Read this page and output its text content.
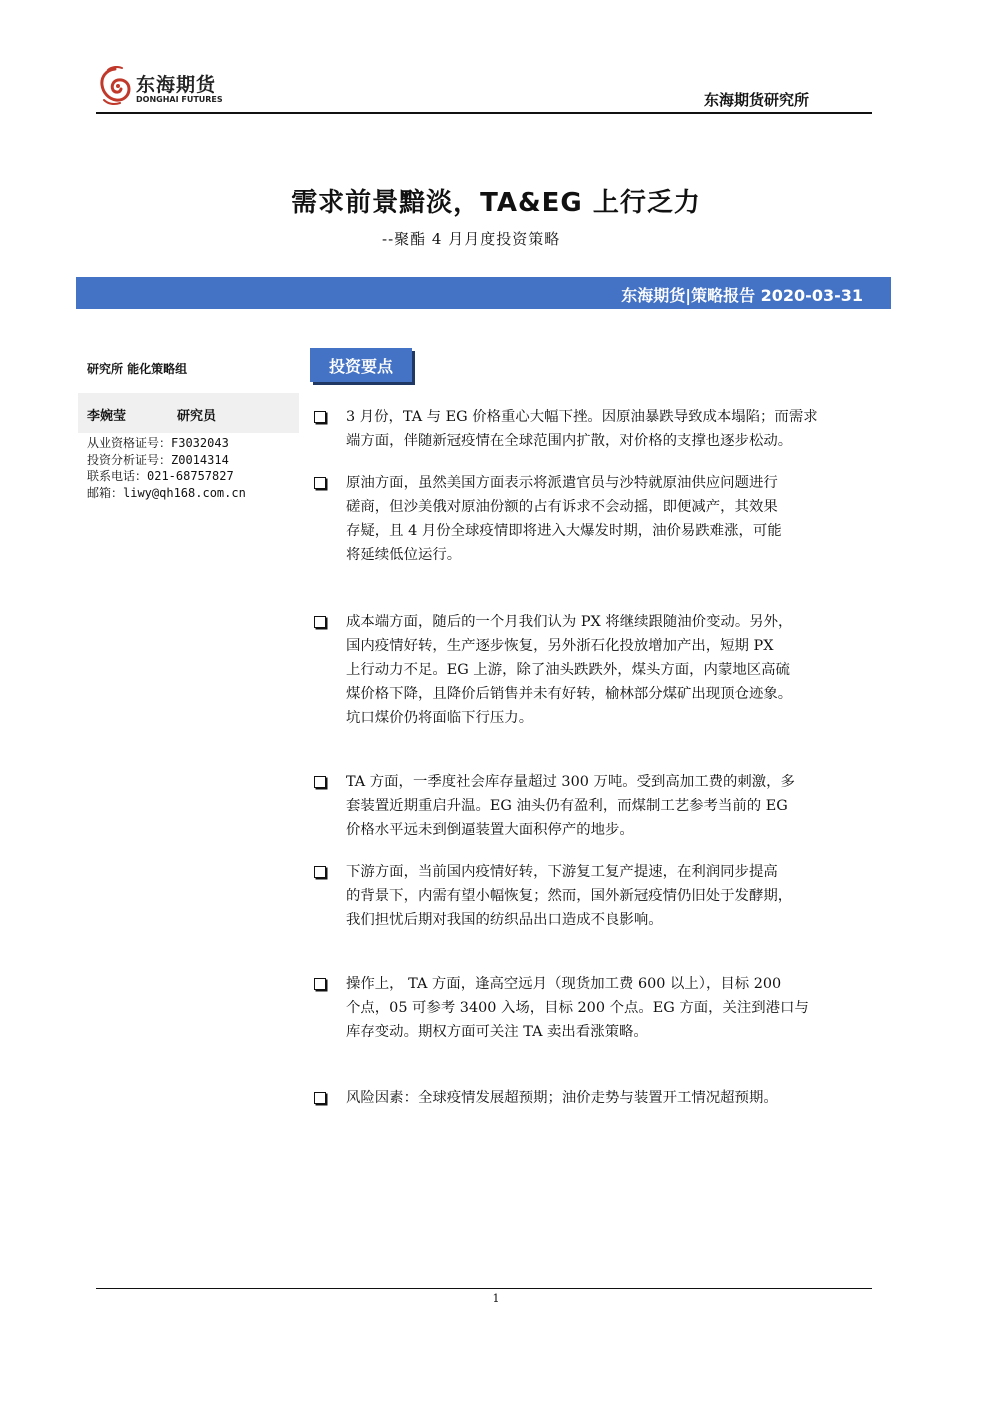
东海期货
DONGHAI FUTURES	东海期货研究所
需求前景黯淡，TA&EG 上行乏力
--聚酯 4 月月度投资策略
东海期货|策略报告 2020-03-31
研究所 能化策略组
李婉莹	研究员
从业资格证号：F3032043
投资分析证号：Z0014314
联系电话：021-68757827
邮箱：liwy@qh168.com.cn
投资要点
3 月份，TA 与 EG 价格重心大幅下挫。因原油暴跌导致成本塌陷；而需求
端方面，伴随新冠疫情在全球范围内扩散，对价格的支撑也逐步松动。
原油方面，虽然美国方面表示将派遣官员与沙特就原油供应问题进行
磋商，但沙美俄对原油份额的占有诉求不会动摇，即便减产，其效果
存疑，且 4 月份全球疫情即将进入大爆发时期，油价易跌难涨，可能
将延续低位运行。
成本端方面，随后的一个月我们认为 PX 将继续跟随油价变动。另外，
国内疫情好转，生产逐步恢复，另外浙石化投放增加产出，短期 PX
上行动力不足。EG 上游，除了油头跌跌外，煤头方面，内蒙地区高硫
煤价格下降，且降价后销售并未有好转，榆林部分煤矿出现顶仓迹象。
坑口煤价仍将面临下行压力。
TA 方面，一季度社会库存量超过 300 万吨。受到高加工费的刺激，多
套装置近期重启升温。EG 油头仍有盈利，而煤制工艺参考当前的 EG
价格水平远未到倒逼装置大面积停产的地步。
下游方面，当前国内疫情好转，下游复工复产提速，在利润同步提高
的背景下，内需有望小幅恢复；然而，国外新冠疫情仍旧处于发酵期，
我们担忧后期对我国的纺织品出口造成不良影响。
操作上， TA 方面，逢高空远月（现货加工费 600 以上），目标 200
个点，05 可参考 3400 入场，目标 200 个点。EG 方面，关注到港口与
库存变动。期权方面可关注 TA 卖出看涨策略。
风险因素：全球疫情发展超预期；油价走势与装置开工情况超预期。
1
